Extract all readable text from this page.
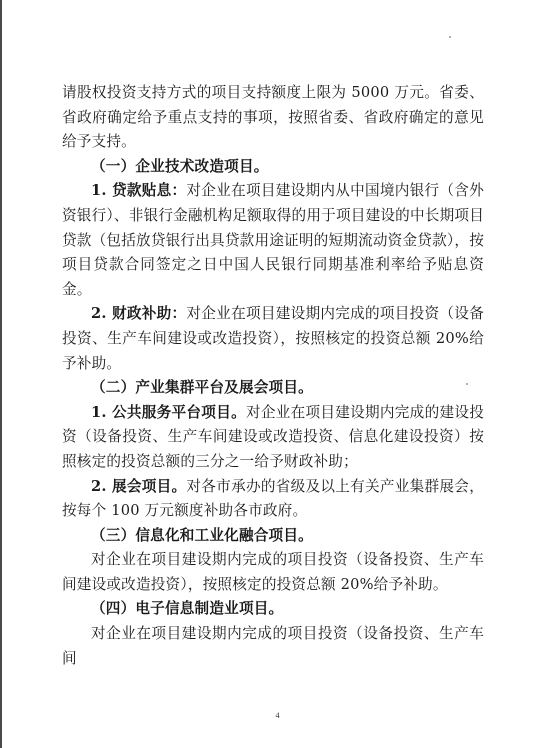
请股权投资支持方式的项目支持额度上限为 5000 万元。省委、省政府确定给予重点支持的事项，按照省委、省政府确定的意见给予支持。

（一）企业技术改造项目。

1. 贷款贴息：对企业在项目建设期内从中国境内银行（含外资银行）、非银行金融机构足额取得的用于项目建设的中长期项目贷款（包括放贷银行出具贷款用途证明的短期流动资金贷款），按项目贷款合同签定之日中国人民银行同期基准利率给予贴息资金。

2. 财政补助：对企业在项目建设期内完成的项目投资（设备投资、生产车间建设或改造投资），按照核定的投资总额 20%给予补助。

（二）产业集群平台及展会项目。

1. 公共服务平台项目。对企业在项目建设期内完成的建设投资（设备投资、生产车间建设或改造投资、信息化建设投资）按照核定的投资总额的三分之一给予财政补助；

2. 展会项目。对各市承办的省级及以上有关产业集群展会，按每个 100 万元额度补助各市政府。

（三）信息化和工业化融合项目。

对企业在项目建设期内完成的项目投资（设备投资、生产车间建设或改造投资），按照核定的投资总额 20%给予补助。

（四）电子信息制造业项目。

对企业在项目建设期内完成的项目投资（设备投资、生产车间

4
